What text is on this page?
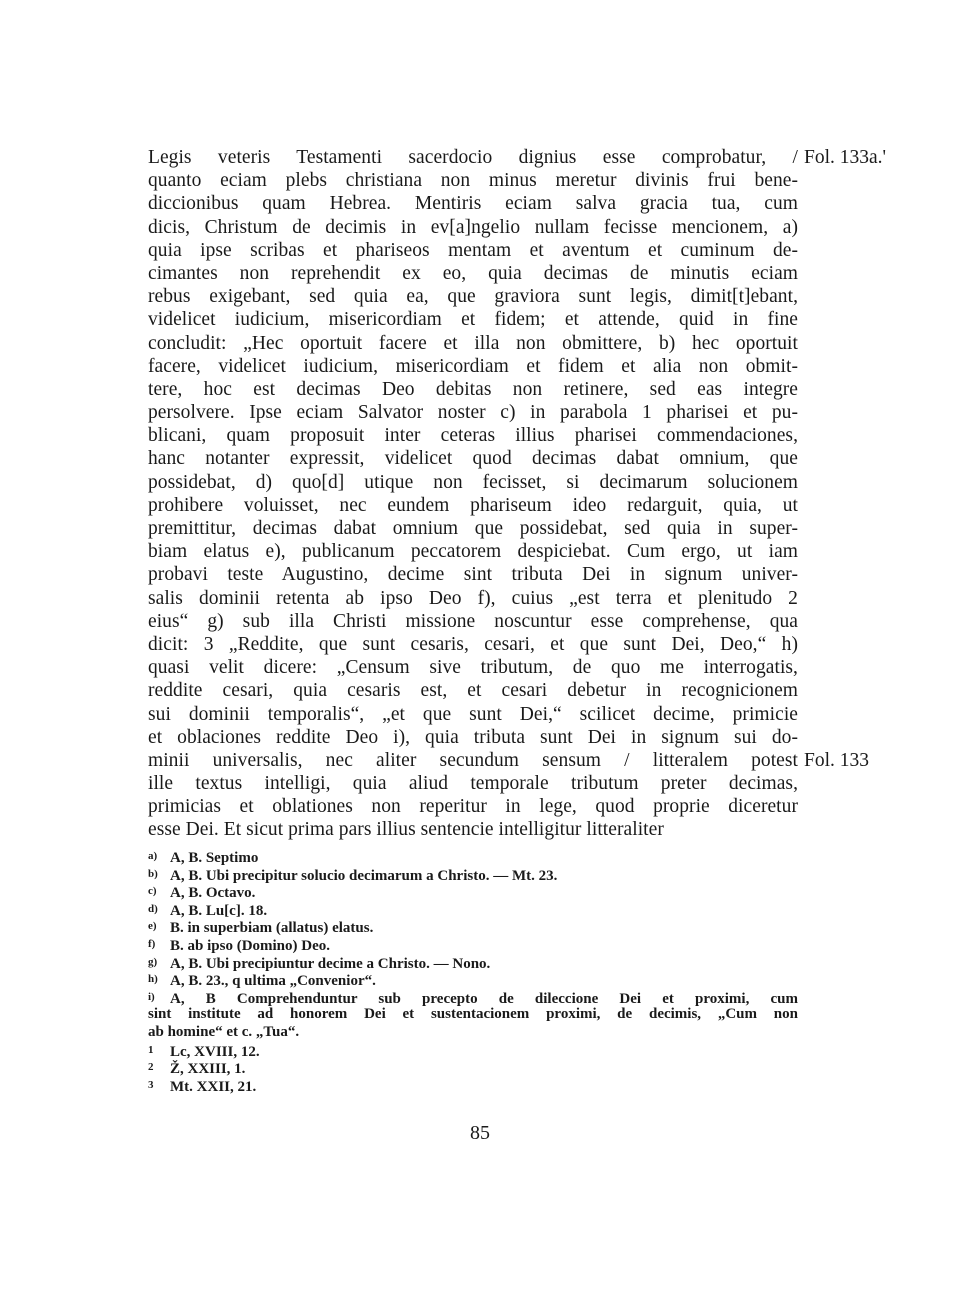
Legis veteris Testamenti sacerdocio dignius esse comprobatur, /
quanto eciam plebs christiana non minus meretur divinis frui bene-
diccionibus quam Hebrea. Mentiris eciam salva gracia tua, cum
dicis, Christum de decimis in ev[a]ngelio nullam fecisse mencionem, a)
quia ipse scribas et phariseos mentam et aventum et cuminum de-
cimantes non reprehendit ex eo, quia decimas de minutis eciam
rebus exigebant, sed quia ea, que graviora sunt legis, dimit[t]ebant,
videlicet iudicium, misericordiam et fidem; et attende, quid in fine
concludit: „Hec oportuit facere et illa non obmittere, b) hec oportuit
facere, videlicet iudicium, misericordiam et fidem et alia non obmit-
tere, hoc est decimas Deo debitas non retinere, sed eas integre
persolvere. Ipse eciam Salvator noster c) in parabola 1 pharisei et pu-
blicani, quam proposuit inter ceteras illius pharisei commendaciones,
hanc notanter expressit, videlicet quod decimas dabat omnium, que
possidebat, d) quo[d] utique non fecisset, si decimarum solucionem
prohibere voluisset, nec eundem phariseum ideo redarguit, quia, ut
premittitur, decimas dabat omnium que possidebat, sed quia in super-
biam elatus e), publicanum peccatorem despiciebat. Cum ergo, ut iam
probavi teste Augustino, decime sint tributa Dei in signum univer-
salis dominii retenta ab ipso Deo f), cuius „est terra et plenitudo 2
eius“ g) sub illa Christi missione noscuntur esse comprehense, qua
dicit: 3 „Reddite, que sunt cesaris, cesari, et que sunt Dei, Deo,“ h)
quasi velit dicere: „Censum sive tributum, de quo me interrogatis,
reddite cesari, quia cesaris est, et cesari debetur in recognicionem
sui dominii temporalis“, „et que sunt Dei,“ scilicet decime, primicie
et oblaciones reddite Deo i), quia tributa sunt Dei in signum sui do-
minii universalis, nec aliter secundum sensum / litteralem potest
ille textus intelligi, quia aliud temporale tributum preter decimas,
primicias et oblationes non reperitur in lege, quod proprie diceretur
esse Dei. Et sicut prima pars illius sentencie intelligitur litteraliter
Fol. 133a.'
Fol. 133
a) A, B. Septimo
b) A, B. Ubi precipitur solucio decimarum a Christo. — Mt. 23.
c) A, B. Octavo.
d) A, B. Lu[c]. 18.
e) B. in superbiam (allatus) elatus.
f) B. ab ipso (Domino) Deo.
g) A, B. Ubi precipiuntur decime a Christo. — Nono.
h) A, B. 23., q ultima „Convenior“.
i) A, B Comprehenduntur sub precepto de dileccione Dei et proximi, cum
sint institute ad honorem Dei et sustentacionem proximi, de decimis, „Cum non
ab homine“ et c. „Tua“.
1 Lc, XVIII, 12.
2 Ž, XXIII, 1.
3 Mt. XXII, 21.
85
